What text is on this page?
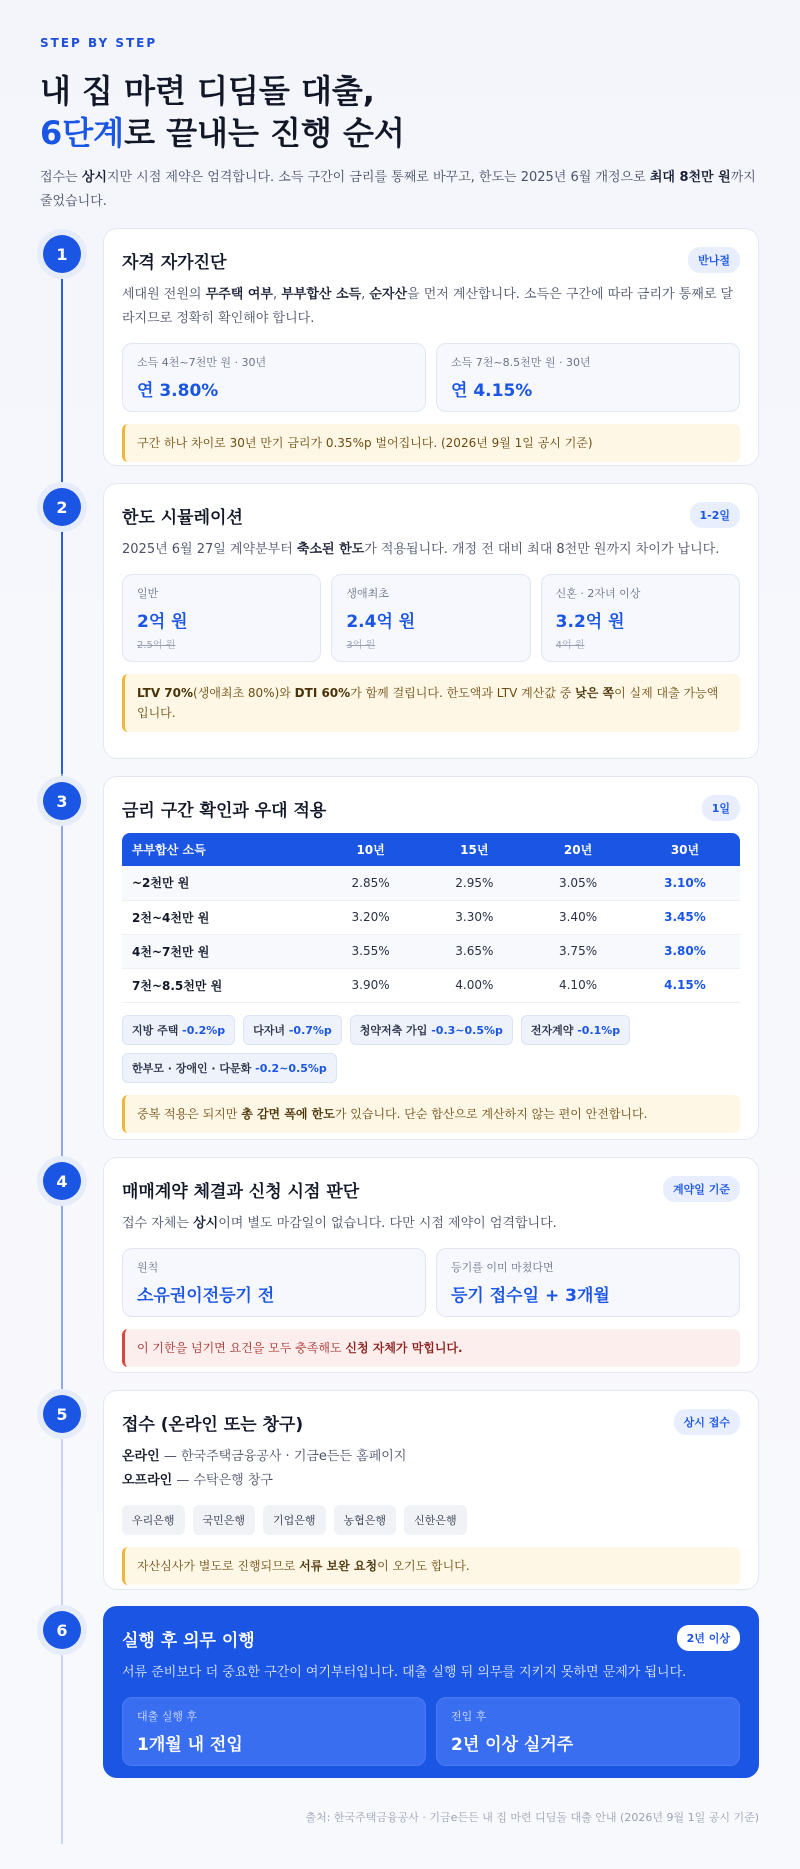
STEP BY STEP
내 집 마련 디딤돌 대출,
6단계로 끝내는 진행 순서
접수는 상시지만 시점 제약은 엄격합니다. 소득 구간이 금리를 통째로 바꾸고, 한도는 2025년 6월 개정으로 최대 8천만 원까지 줄었습니다.
1	자격 자가진단	반나절
세대원 전원의 무주택 여부, 부부합산 소득, 순자산을 먼저 계산합니다. 소득은 구간에 따라 금리가 통째로 달라지므로 정확히 확인해야 합니다.
소득 4천~7천만 원 · 30년
연 3.80%
소득 7천~8.5천만 원 · 30년
연 4.15%
구간 하나 차이로 30년 만기 금리가 0.35%p 벌어집니다. (2026년 9월 1일 공시 기준)
2
한도 시뮬레이션	1-2일
2025년 6월 27일 계약분부터 축소된 한도가 적용됩니다. 개정 전 대비 최대 8천만 원까지 차이가 납니다.
일반
2억 원
2.5억 원
생애최초
2.4억 원
3억 원
신혼 · 2자녀 이상
3.2억 원
4억 원
LTV 70%(생애최초 80%)와 DTI 60%가 함께 걸립니다. 한도액과 LTV 계산값 중 낮은 쪽이 실제 대출 가능액입니다.
3	금리 구간 확인과 우대 적용	1일
부부합산 소득	10년	15년	20년	30년
~2천만 원	2.85%	2.95%	3.05%	3.10%
2천~4천만 원	3.20%	3.30%	3.40%	3.45%
4천~7천만 원	3.55%	3.65%	3.75%	3.80%
7천~8.5천만 원	3.90%	4.00%	4.10%	4.15%
지방 주택 -0.2%p	다자녀 -0.7%p	청약저축 가입 -0.3~0.5%p	전자계약 -0.1%p
한부모 · 장애인 · 다문화 -0.2~0.5%p
중복 적용은 되지만 총 감면 폭에 한도가 있습니다. 단순 합산으로 계산하지 않는 편이 안전합니다.
4
매매계약 체결과 신청 시점 판단	계약일 기준
접수 자체는 상시이며 별도 마감일이 없습니다. 다만 시점 제약이 엄격합니다.
원칙
소유권이전등기 전
등기를 이미 마쳤다면
등기 접수일 + 3개월
이 기한을 넘기면 요건을 모두 충족해도 신청 자체가 막힙니다.
5
접수 (온라인 또는 창구)	상시 접수
온라인 — 한국주택금융공사 · 기금e든든 홈페이지
오프라인 — 수탁은행 창구
우리은행	국민은행	기업은행	농협은행	신한은행
자산심사가 별도로 진행되므로 서류 보완 요청이 오기도 합니다.
6
실행 후 의무 이행	2년 이상
서류 준비보다 더 중요한 구간이 여기부터입니다. 대출 실행 뒤 의무를 지키지 못하면 문제가 됩니다.
대출 실행 후
1개월 내 전입
전입 후
2년 이상 실거주
출처: 한국주택금융공사 · 기금e든든 내 집 마련 디딤돌 대출 안내 (2026년 9월 1일 공시 기준)
